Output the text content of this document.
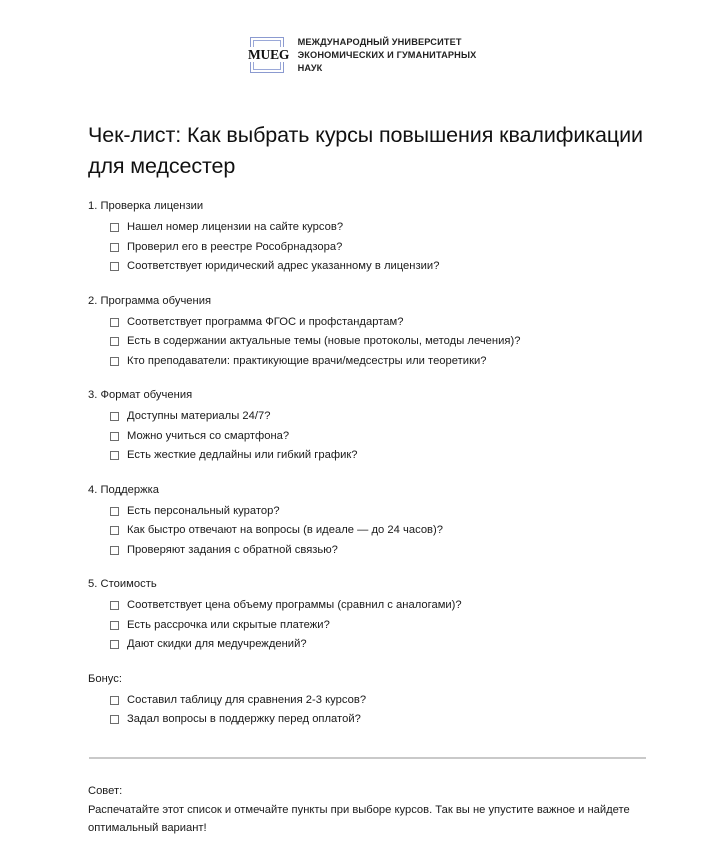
MUEG
МЕЖДУНАРОДНЫЙ УНИВЕРСИТЕТ
ЭКОНОМИЧЕСКИХ И ГУМАНИТАРНЫХ
НАУК
Чек-лист: Как выбрать курсы повышения квалификации для медсестер
1. Проверка лицензии
Нашел номер лицензии на сайте курсов?
Проверил его в реестре Рособрнадзора?
Соответствует юридический адрес указанному в лицензии?
2. Программа обучения
Соответствует программа ФГОС и профстандартам?
Есть в содержании актуальные темы (новые протоколы, методы лечения)?
Кто преподаватели: практикующие врачи/медсестры или теоретики?
3. Формат обучения
Доступны материалы 24/7?
Можно учиться со смартфона?
Есть жесткие дедлайны или гибкий график?
4. Поддержка
Есть персональный куратор?
Как быстро отвечают на вопросы (в идеале — до 24 часов)?
Проверяют задания с обратной связью?
5. Стоимость
Соответствует цена объему программы (сравнил с аналогами)?
Есть рассрочка или скрытые платежи?
Дают скидки для медучреждений?
Бонус:
Составил таблицу для сравнения 2-3 курсов?
Задал вопросы в поддержку перед оплатой?
Совет:
Распечатайте этот список и отмечайте пункты при выборе курсов. Так вы не упустите важное и найдете оптимальный вариант!
